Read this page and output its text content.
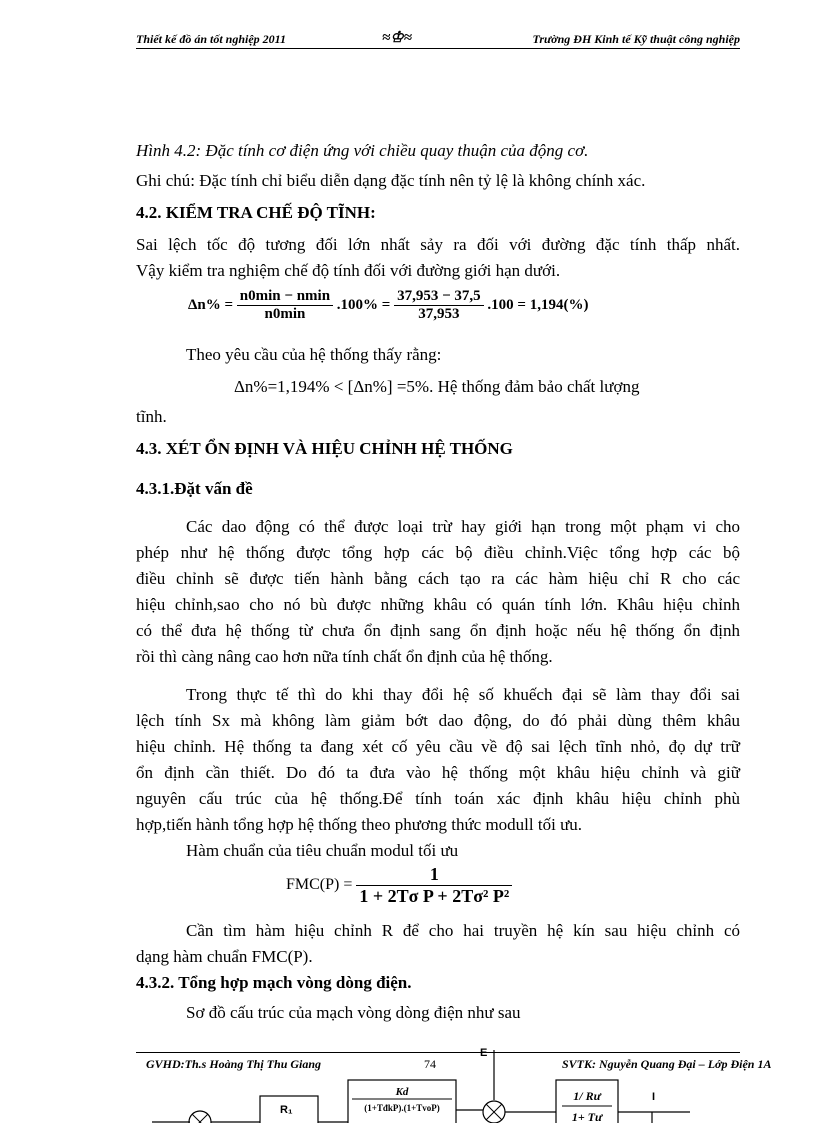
Thiết kế đồ án tốt nghiệp 2011	≈♔≈	Trường ĐH Kinh tế Kỹ thuật công nghiệp
Hình 4.2: Đặc tính cơ điện ứng với chiều quay thuận của động cơ.
Ghi chú: Đặc tính chỉ biểu diễn dạng đặc tính nên tỷ lệ là không chính xác.
4.2. KIỂM TRA CHẾ ĐỘ TĨNH:
Sai lệch tốc độ tương đối lớn nhất sảy ra đối với đường đặc tính thấp nhất.
Vậy kiểm tra nghiệm chế độ tính đối với đường giới hạn dưới.
$\Delta n\% = \frac{n0\min - nmin}{n0\min} .100\% = \frac{37,953 - 37,5}{37,953} .100 = 1,194(\%)$
Theo yêu cầu của hệ thống thấy rằng:
Δn%=1,194% < [Δn%] =5%. Hệ thống đảm bảo chất lượng
tĩnh.
4.3. XÉT ỔN ĐỊNH VÀ HIỆU CHỈNH HỆ THỐNG
4.3.1.Đặt vấn đề
Các dao động có thể được loại trừ hay giới hạn trong một phạm vi cho
phép như hệ thống được tổng hợp các bộ điều chỉnh.Việc tổng hợp các bộ
điều chỉnh sẽ được tiến hành bằng cách tạo ra các hàm hiệu chỉ R cho các
hiệu chỉnh,sao cho nó bù được những khâu có quán tính lớn. Khâu hiệu chỉnh
có thể đưa hệ thống từ chưa ổn định sang ổn định hoặc nếu hệ thống ổn định
rồi thì càng nâng cao hơn nữa tính chất ổn định của hệ thống.
Trong thực tế thì do khi thay đổi hệ số khuếch đại sẽ làm thay đổi sai
lệch tính Sx mà không làm giảm bớt dao động, do đó phải dùng thêm khâu
hiệu chỉnh. Hệ thống ta đang xét cố yêu cầu về độ sai lệch tĩnh nhỏ, đọ dự trữ
ổn định cần thiết. Do đó ta đưa vào hệ thống một khâu hiệu chỉnh và giữ
nguyên cấu trúc của hệ thống.Để tính toán xác định khâu hiệu chỉnh phù
hợp,tiến hành tổng hợp hệ thống theo phương thức modull tối ưu.
Hàm chuẩn của tiêu chuẩn modul tối ưu
$FMC(P) = \frac{1}{\text{1 + 2Tσ P + 2Tσ² P²}}$
Cần tìm hàm hiệu chỉnh R để cho hai truyền hệ kín sau hiệu chỉnh có
dạng hàm chuẩn FMC(P).
4.3.2. Tổng hợp mạch vòng dòng điện.
Sơ đồ cấu trúc của mạch vòng dòng điện như sau
GVHD:Th.s Hoàng Thị Thu Giang	74	SVTK: Nguyễn Quang Đại – Lớp Điện 1A
E
R₁
Kd
(1+TđkP).(1+TvoP)
1/ Rư
1+ Tư
I
